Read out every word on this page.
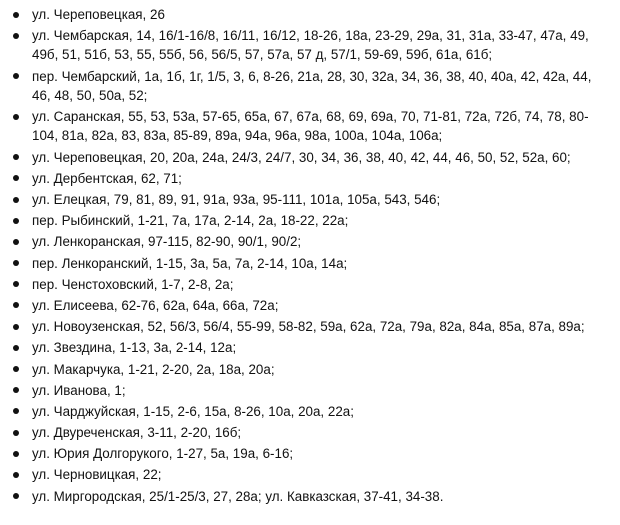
ул. Череповецкая, 26
ул. Чембарская, 14, 16/1-16/8, 16/11, 16/12, 18-26, 18а, 23-29, 29а, 31, 31а, 33-47, 47а, 49, 49б, 51, 51б, 53, 55, 55б, 56, 56/5, 57, 57а, 57 д, 57/1, 59-69, 59б, 61а, 61б;
пер. Чембарский, 1а, 1б, 1г, 1/5, 3, 6, 8-26, 21а, 28, 30, 32а, 34, 36, 38, 40, 40а, 42, 42а, 44, 46, 48, 50, 50а, 52;
ул. Саранская, 55, 53, 53а, 57-65, 65а, 67, 67а, 68, 69, 69а, 70, 71-81, 72а, 72б, 74, 78, 80-104, 81а, 82а, 83, 83а, 85-89, 89а, 94а, 96а, 98а, 100а, 104а, 106а;
ул. Череповецкая, 20, 20а, 24а, 24/3, 24/7, 30, 34, 36, 38, 40, 42, 44, 46, 50, 52, 52а, 60;
ул. Дербентская, 62, 71;
ул. Елецкая, 79, 81, 89, 91, 91а, 93а, 95-111, 101а, 105а, 543, 546;
пер. Рыбинский, 1-21, 7а, 17а, 2-14, 2а, 18-22, 22а;
ул. Ленкоранская, 97-115, 82-90, 90/1, 90/2;
пер. Ленкоранский, 1-15, 3а, 5а, 7а, 2-14, 10а, 14а;
пер. Ченстоховский, 1-7, 2-8, 2а;
ул. Елисеева, 62-76, 62а, 64а, 66а, 72а;
ул. Новоузенская, 52, 56/3, 56/4, 55-99, 58-82, 59а, 62а, 72а, 79а, 82а, 84а, 85а, 87а, 89а;
ул. Звездина, 1-13, 3а, 2-14, 12а;
ул. Макарчука, 1-21, 2-20, 2а, 18а, 20а;
ул. Иванова, 1;
ул. Чарджуйская, 1-15, 2-6, 15а, 8-26, 10а, 20а, 22а;
ул. Двуреченская, 3-11, 2-20, 16б;
ул. Юрия Долгорукого, 1-27, 5а, 19а, 6-16;
ул. Черновицкая, 22;
ул. Миргородская, 25/1-25/3, 27, 28а; ул. Кавказская, 37-41, 34-38.
